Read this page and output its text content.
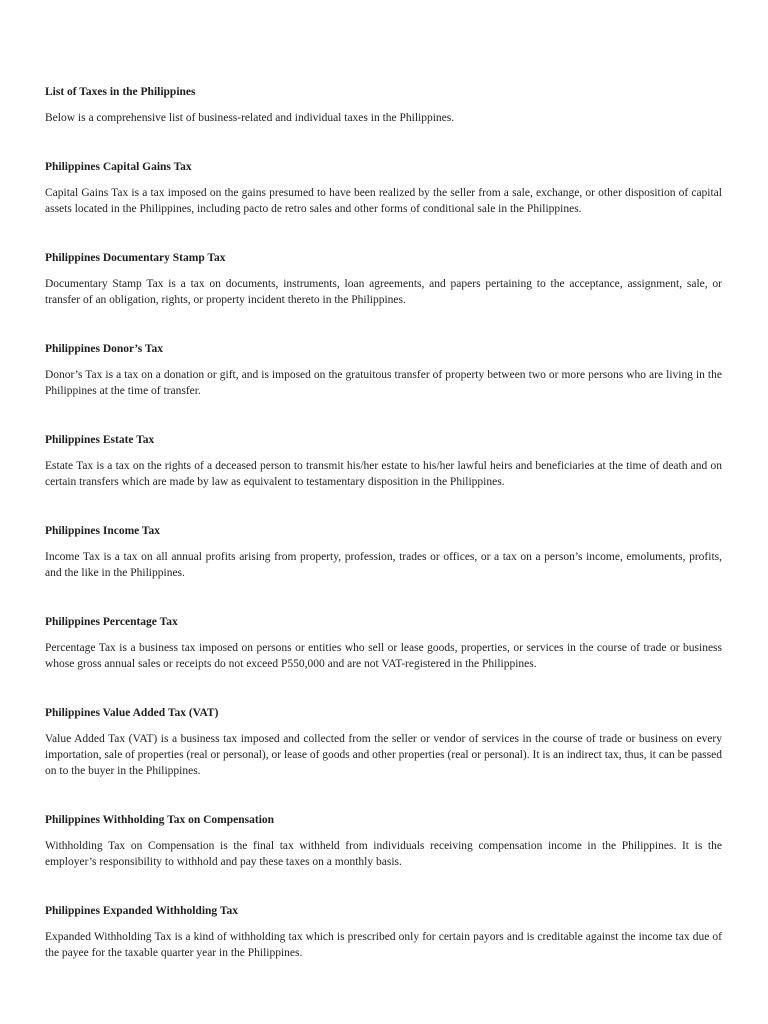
List of Taxes in the Philippines
Below is a comprehensive list of business-related and individual taxes in the Philippines.
Philippines Capital Gains Tax
Capital Gains Tax is a tax imposed on the gains presumed to have been realized by the seller from a sale, exchange, or other disposition of capital assets located in the Philippines, including pacto de retro sales and other forms of conditional sale in the Philippines.
Philippines Documentary Stamp Tax
Documentary Stamp Tax is a tax on documents, instruments, loan agreements, and papers pertaining to the acceptance, assignment, sale, or transfer of an obligation, rights, or property incident thereto in the Philippines.
Philippines Donor’s Tax
Donor’s Tax is a tax on a donation or gift, and is imposed on the gratuitous transfer of property between two or more persons who are living in the Philippines at the time of transfer.
Philippines Estate Tax
Estate Tax is a tax on the rights of a deceased person to transmit his/her estate to his/her lawful heirs and beneficiaries at the time of death and on certain transfers which are made by law as equivalent to testamentary disposition in the Philippines.
Philippines Income Tax
Income Tax is a tax on all annual profits arising from property, profession, trades or offices, or a tax on a person’s income, emoluments, profits, and the like in the Philippines.
Philippines Percentage Tax
Percentage Tax is a business tax imposed on persons or entities who sell or lease goods, properties, or services in the course of trade or business whose gross annual sales or receipts do not exceed P550,000 and are not VAT-registered in the Philippines.
Philippines Value Added Tax (VAT)
Value Added Tax (VAT) is a business tax imposed and collected from the seller or vendor of services in the course of trade or business on every importation, sale of properties (real or personal), or lease of goods and other properties (real or personal). It is an indirect tax, thus, it can be passed on to the buyer in the Philippines.
Philippines Withholding Tax on Compensation
Withholding Tax on Compensation is the final tax withheld from individuals receiving compensation income in the Philippines. It is the employer’s responsibility to withhold and pay these taxes on a monthly basis.
Philippines Expanded Withholding Tax
Expanded Withholding Tax is a kind of withholding tax which is prescribed only for certain payors and is creditable against the income tax due of the payee for the taxable quarter year in the Philippines.
